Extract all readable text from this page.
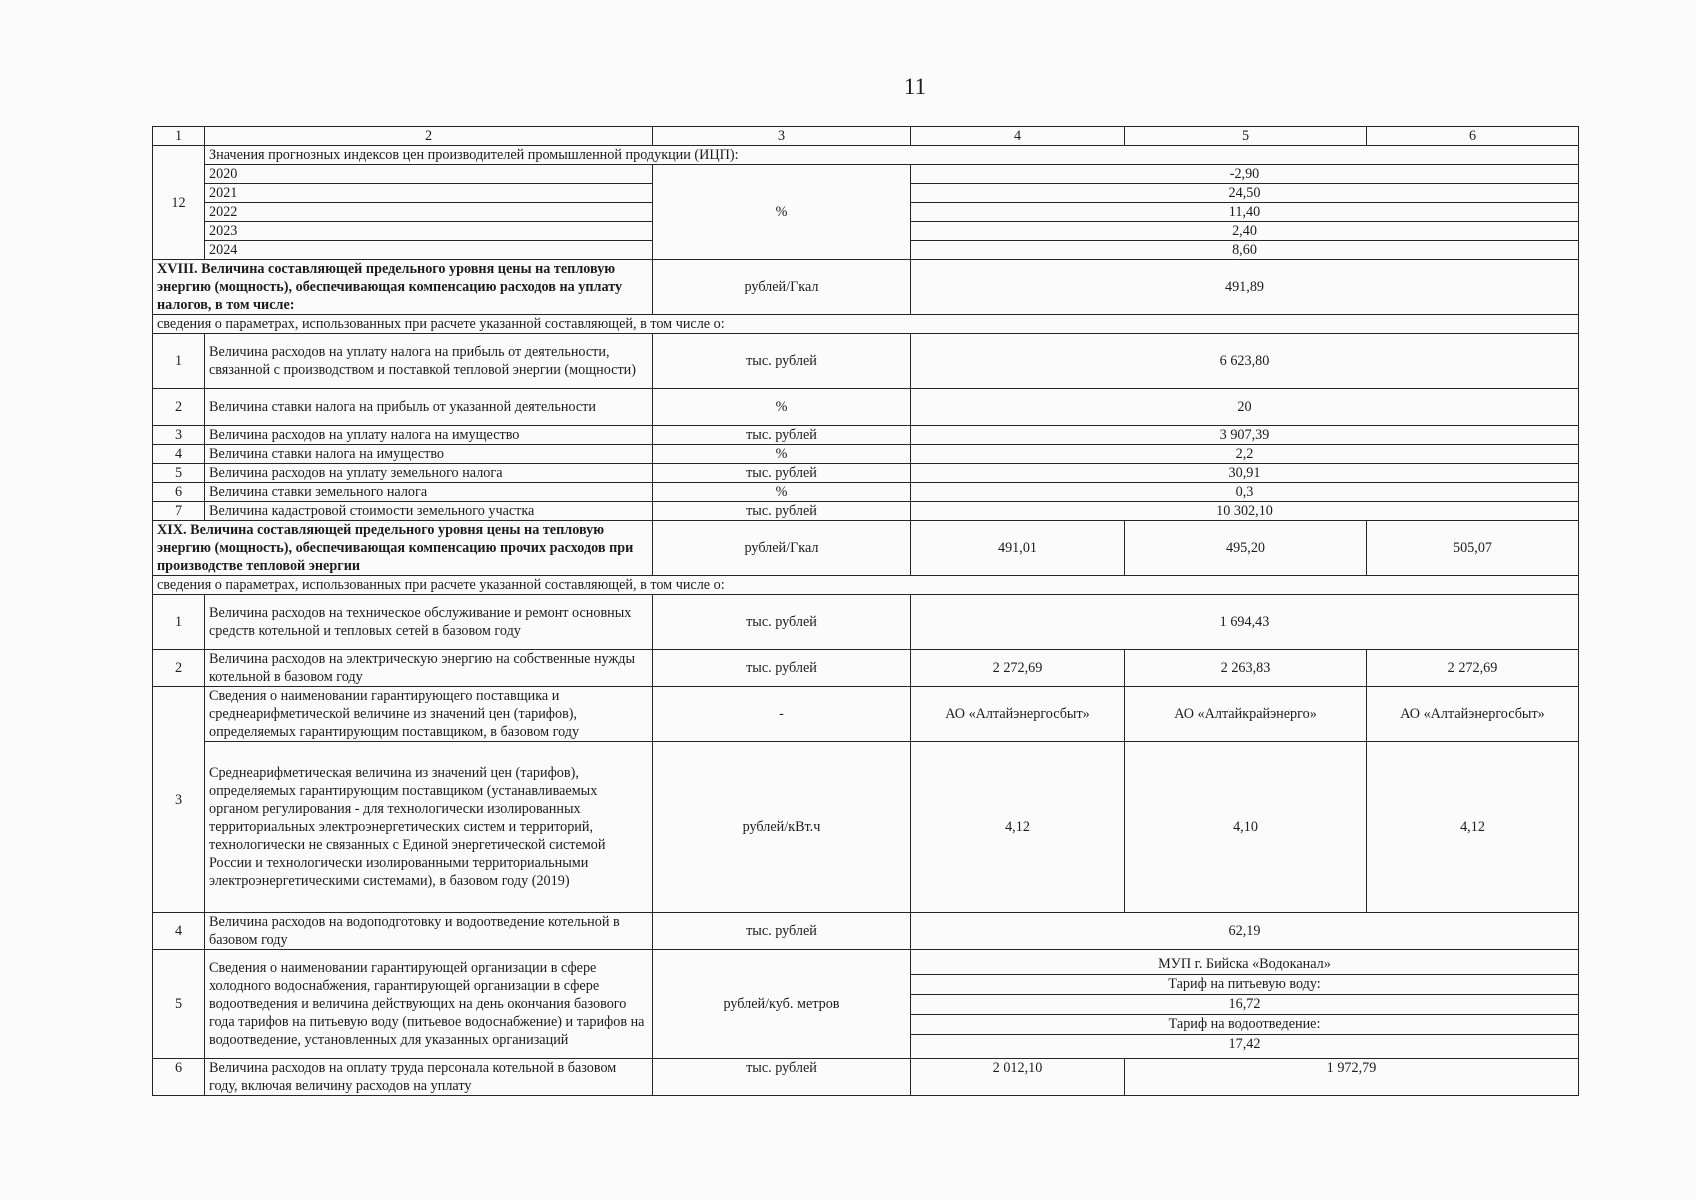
11
1	2	3	4	5	6
12	Значения прогнозных индексов цен производителей промышленной продукции (ИЦП):
2020	%	-2,90
2021	24,50
2022	11,40
2023	2,40
2024	8,60
XVIII. Величина составляющей предельного уровня цены на тепловую энергию (мощность), обеспечивающая компенсацию расходов на уплату налогов, в том числе:	рублей/Гкал	491,89
сведения о параметрах, использованных при расчете указанной составляющей, в том числе о:
1	Величина расходов на уплату налога на прибыль от деятельности, связанной с производством и поставкой тепловой энергии (мощности)	тыс. рублей	6 623,80
2	Величина ставки налога на прибыль от указанной деятельности	%	20
3	Величина расходов на уплату налога на имущество	тыс. рублей	3 907,39
4	Величина ставки налога на имущество	%	2,2
5	Величина расходов на уплату земельного налога	тыс. рублей	30,91
6	Величина ставки земельного налога	%	0,3
7	Величина кадастровой стоимости земельного участка	тыс. рублей	10 302,10
XIX. Величина составляющей предельного уровня цены на тепловую энергию (мощность), обеспечивающая компенсацию прочих расходов при производстве тепловой энергии	рублей/Гкал	491,01	495,20	505,07
сведения о параметрах, использованных при расчете указанной составляющей, в том числе о:
1	Величина расходов на техническое обслуживание и ремонт основных средств котельной и тепловых сетей в базовом году	тыс. рублей	1 694,43
2	Величина расходов на электрическую энергию на собственные нужды котельной в базовом году	тыс. рублей	2 272,69	2 263,83	2 272,69
3	Сведения о наименовании гарантирующего поставщика и среднеарифметической величине из значений цен (тарифов), определяемых гарантирующим поставщиком, в базовом году	-	АО «Алтайэнергосбыт»	АО «Алтайкрайэнерго»	АО «Алтайэнергосбыт»
Среднеарифметическая величина из значений цен (тарифов), определяемых гарантирующим поставщиком (устанавливаемых органом регулирования - для технологически изолированных территориальных электроэнергетических систем и территорий, технологически не связанных с Единой энергетической системой России и технологически изолированными территориальными электроэнергетическими системами), в базовом году (2019)	рублей/кВт.ч	4,12	4,10	4,12
4	Величина расходов на водоподготовку и водоотведение котельной в базовом году	тыс. рублей	62,19
5	Сведения о наименовании гарантирующей организации в сфере холодного водоснабжения, гарантирующей организации в сфере водоотведения и величина действующих на день окончания базового года тарифов на питьевую воду (питьевое водоснабжение) и тарифов на водоотведение, установленных для указанных организаций	рублей/куб. метров	
МУП г. Бийска «Водоканал»
Тариф на питьевую воду:
16,72
Тариф на водоотведение:
17,42

6	Величина расходов на оплату труда персонала котельной в базовом году, включая величину расходов на уплату	тыс. рублей	2 012,10	1 972,79
